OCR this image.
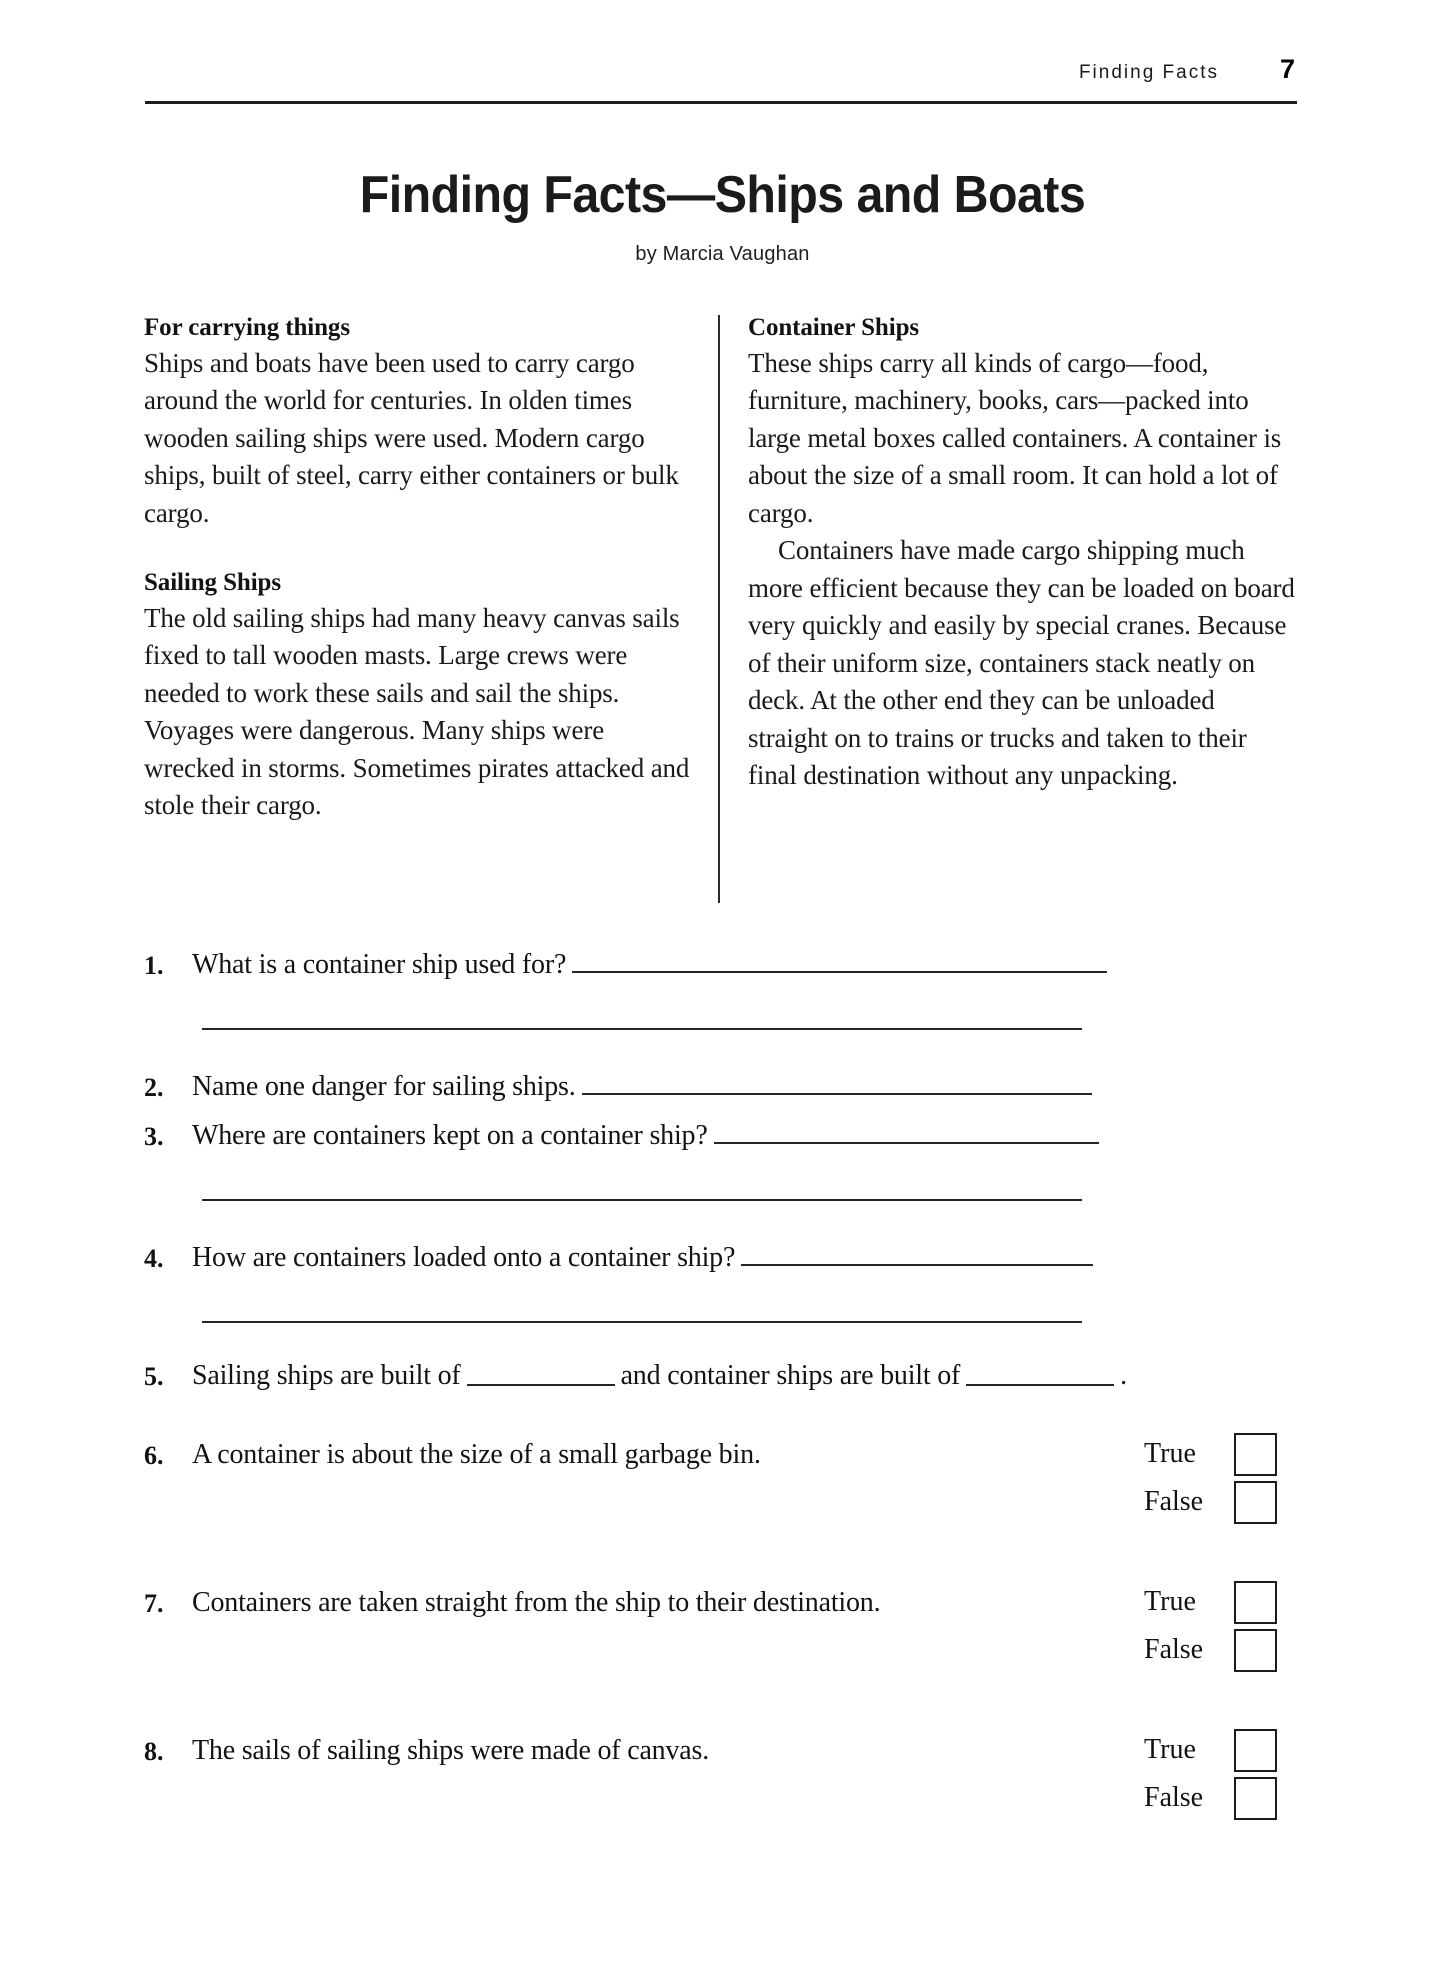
Finding Facts	7
Finding Facts—Ships and Boats
by Marcia Vaughan
For carrying things

Ships and boats have been used to carry cargo around the world for centuries. In olden times wooden sailing ships were used. Modern cargo ships, built of steel, carry either containers or bulk cargo.

Sailing Ships

The old sailing ships had many heavy canvas sails fixed to tall wooden masts. Large crews were needed to work these sails and sail the ships. Voyages were dangerous. Many ships were wrecked in storms. Sometimes pirates attacked and stole their cargo.

Container Ships

These ships carry all kinds of cargo—food, furniture, machinery, books, cars—packed into large metal boxes called containers. A container is about the size of a small room. It can hold a lot of cargo.

Containers have made cargo shipping much more efficient because they can be loaded on board very quickly and easily by special cranes. Because of their uniform size, containers stack neatly on deck. At the other end they can be unloaded straight on to trains or trucks and taken to their final destination without any unpacking.

1.	What is a container ship used for?
2.	Name one danger for sailing ships.
3.	Where are containers kept on a container ship?
4.	How are containers loaded onto a container ship?
5.	Sailing ships are built of	and container ships are built of	.
6.	A container is about the size of a small garbage bin.	True
False
7.	Containers are taken straight from the ship to their destination.	True
False
8.	The sails of sailing ships were made of canvas.	True
False
